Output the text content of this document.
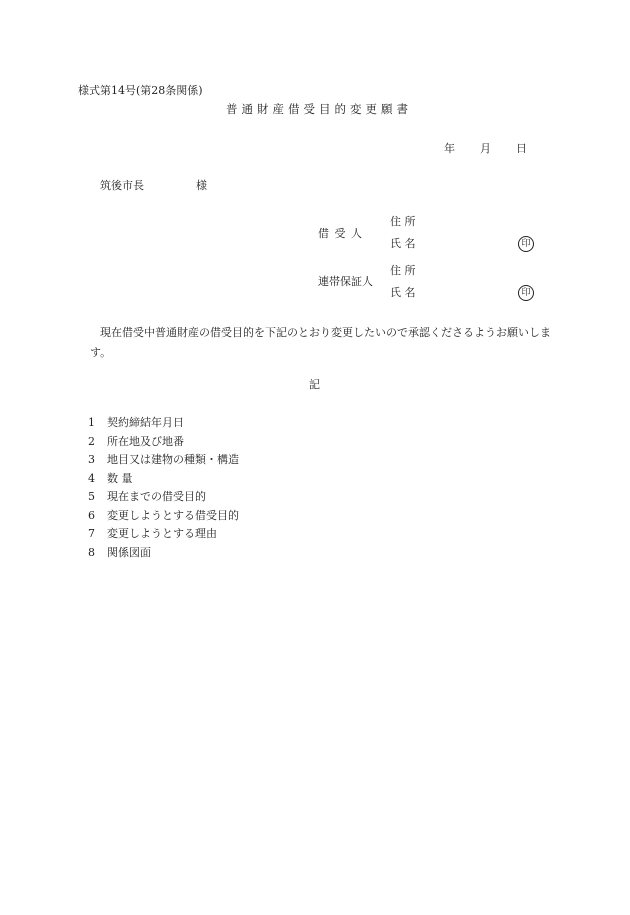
様式第14号(第28条関係)
普通財産借受目的変更願書
年 月 日
筑後市長	様
借 受 人
住 所
氏 名	印
連帯保証人
住 所
氏 名	印
現在借受中普通財産の借受目的を下記のとおり変更したいので承認くださるようお願いします。
記
1 契約締結年月日
2 所在地及び地番
3 地目又は建物の種類・構造
4 数 量
5 現在までの借受目的
6 変更しようとする借受目的
7 変更しようとする理由
8 関係図面
